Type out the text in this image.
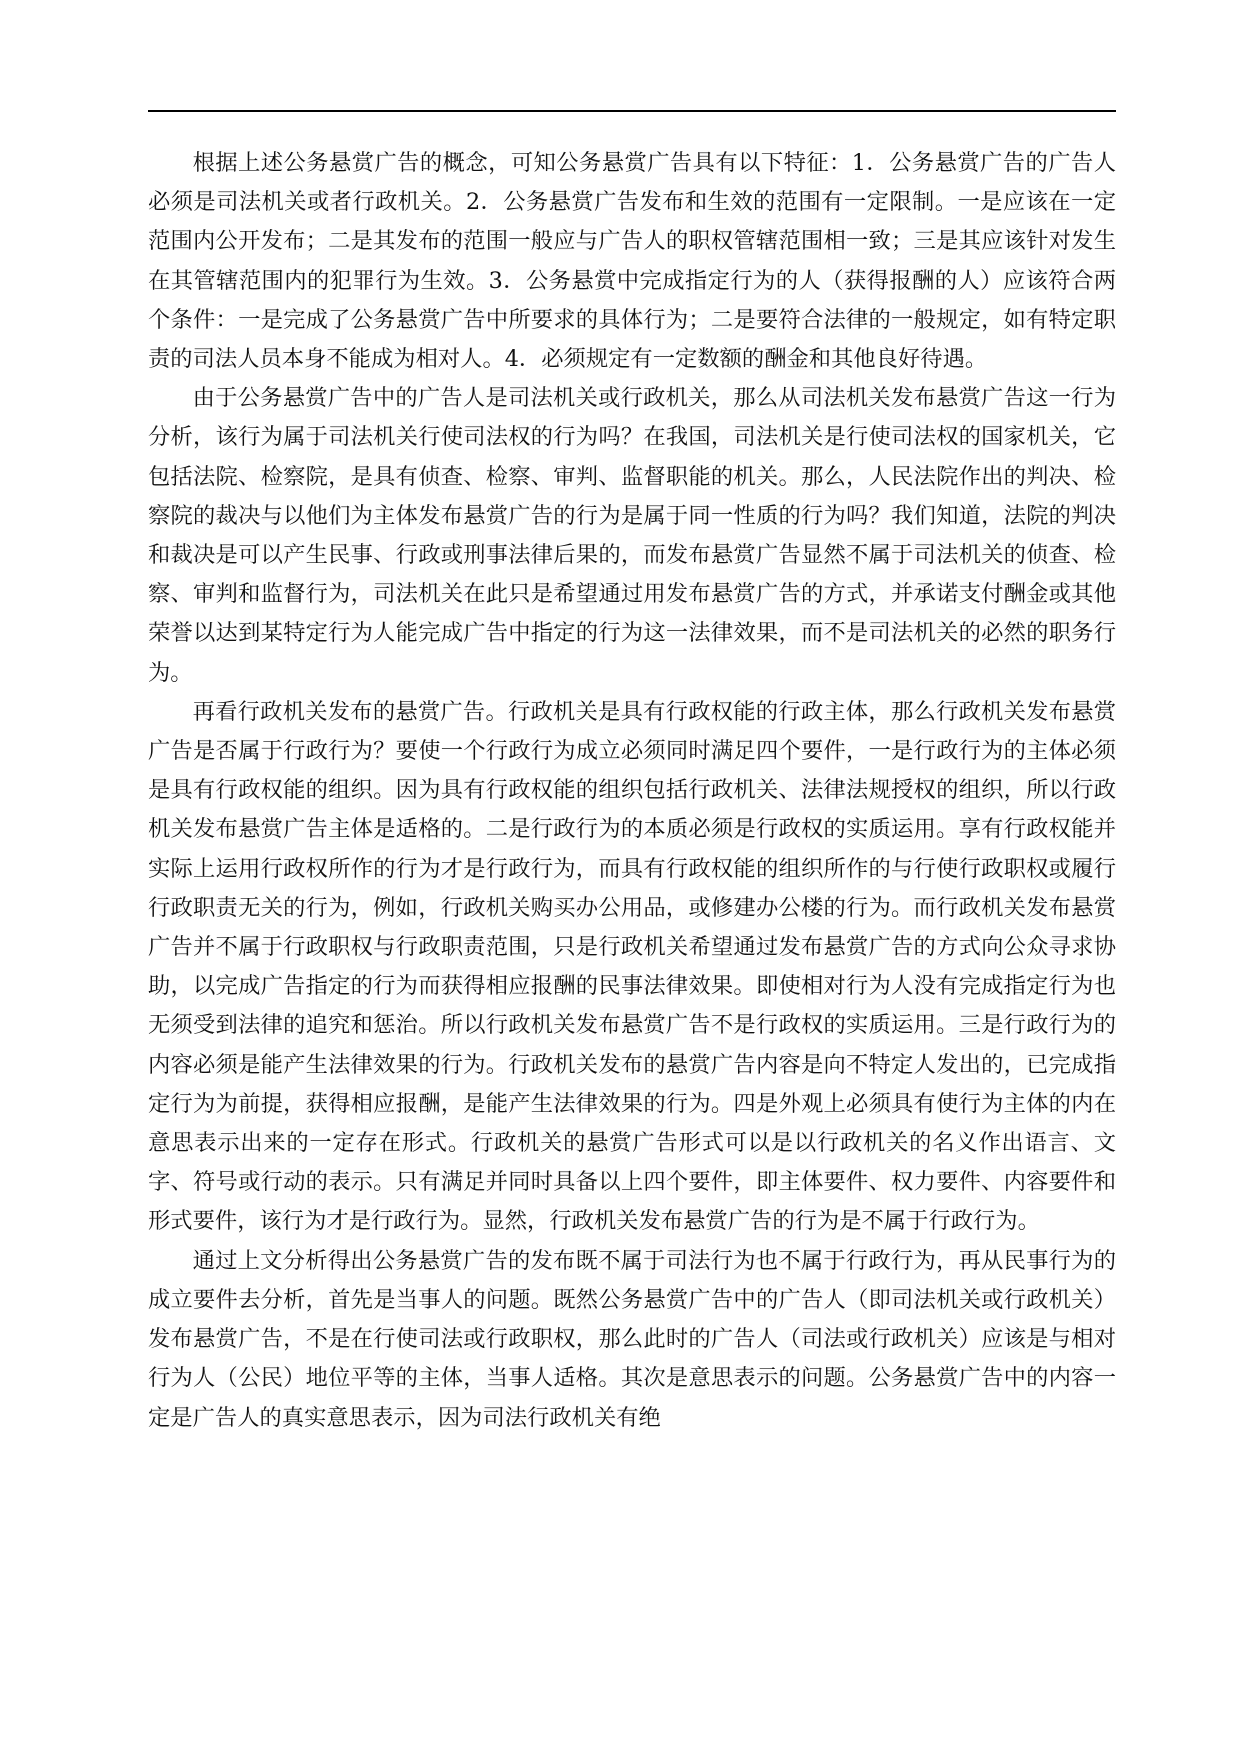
根据上述公务悬赏广告的概念，可知公务悬赏广告具有以下特征：1．公务悬赏广告的广告人必须是司法机关或者行政机关。2．公务悬赏广告发布和生效的范围有一定限制。一是应该在一定范围内公开发布；二是其发布的范围一般应与广告人的职权管辖范围相一致；三是其应该针对发生在其管辖范围内的犯罪行为生效。3．公务悬赏中完成指定行为的人（获得报酬的人）应该符合两个条件：一是完成了公务悬赏广告中所要求的具体行为；二是要符合法律的一般规定，如有特定职责的司法人员本身不能成为相对人。4．必须规定有一定数额的酬金和其他良好待遇。

由于公务悬赏广告中的广告人是司法机关或行政机关，那么从司法机关发布悬赏广告这一行为分析，该行为属于司法机关行使司法权的行为吗？在我国，司法机关是行使司法权的国家机关，它包括法院、检察院，是具有侦查、检察、审判、监督职能的机关。那么，人民法院作出的判决、检察院的裁决与以他们为主体发布悬赏广告的行为是属于同一性质的行为吗？我们知道，法院的判决和裁决是可以产生民事、行政或刑事法律后果的，而发布悬赏广告显然不属于司法机关的侦查、检察、审判和监督行为，司法机关在此只是希望通过用发布悬赏广告的方式，并承诺支付酬金或其他荣誉以达到某特定行为人能完成广告中指定的行为这一法律效果，而不是司法机关的必然的职务行为。

再看行政机关发布的悬赏广告。行政机关是具有行政权能的行政主体，那么行政机关发布悬赏广告是否属于行政行为？要使一个行政行为成立必须同时满足四个要件，一是行政行为的主体必须是具有行政权能的组织。因为具有行政权能的组织包括行政机关、法律法规授权的组织，所以行政机关发布悬赏广告主体是适格的。二是行政行为的本质必须是行政权的实质运用。享有行政权能并实际上运用行政权所作的行为才是行政行为，而具有行政权能的组织所作的与行使行政职权或履行行政职责无关的行为，例如，行政机关购买办公用品，或修建办公楼的行为。而行政机关发布悬赏广告并不属于行政职权与行政职责范围，只是行政机关希望通过发布悬赏广告的方式向公众寻求协助，以完成广告指定的行为而获得相应报酬的民事法律效果。即使相对行为人没有完成指定行为也无须受到法律的追究和惩治。所以行政机关发布悬赏广告不是行政权的实质运用。三是行政行为的内容必须是能产生法律效果的行为。行政机关发布的悬赏广告内容是向不特定人发出的，已完成指定行为为前提，获得相应报酬，是能产生法律效果的行为。四是外观上必须具有使行为主体的内在意思表示出来的一定存在形式。行政机关的悬赏广告形式可以是以行政机关的名义作出语言、文字、符号或行动的表示。只有满足并同时具备以上四个要件，即主体要件、权力要件、内容要件和形式要件，该行为才是行政行为。显然，行政机关发布悬赏广告的行为是不属于行政行为。

通过上文分析得出公务悬赏广告的发布既不属于司法行为也不属于行政行为，再从民事行为的成立要件去分析，首先是当事人的问题。既然公务悬赏广告中的广告人（即司法机关或行政机关）发布悬赏广告，不是在行使司法或行政职权，那么此时的广告人（司法或行政机关）应该是与相对行为人（公民）地位平等的主体，当事人适格。其次是意思表示的问题。公务悬赏广告中的内容一定是广告人的真实意思表示，因为司法行政机关有绝
